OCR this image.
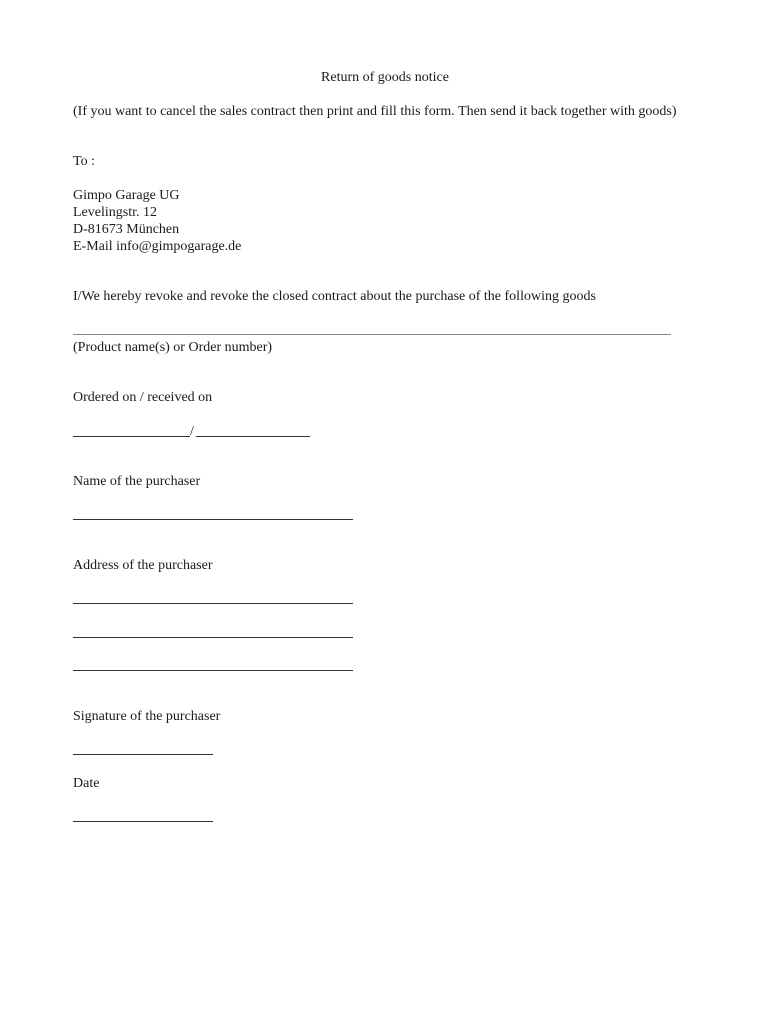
Return of goods notice

(If you want to cancel the sales contract then print and fill this form. Then send it back together with goods)

To :

Gimpo Garage UG

Levelingstr. 12

D-81673 München

E-Mail info@gimpogarage.de

I/We hereby revoke and revoke the closed contract about the purchase of the following goods

(Product name(s) or Order number)

Ordered on / received on

/

Name of the purchaser

Address of the purchaser

Signature of the purchaser

Date
